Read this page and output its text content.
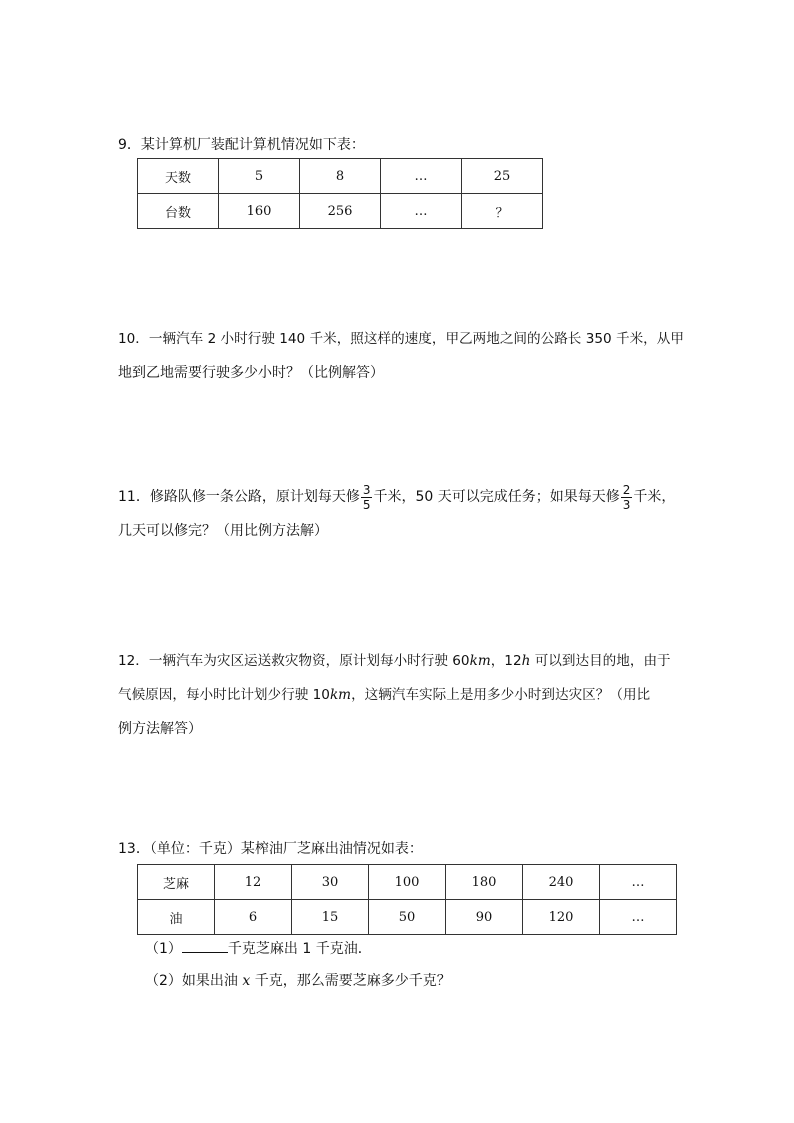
9．某计算机厂装配计算机情况如下表：
天数	5	8	…	25
台数	160	256	…	？
10．一辆汽车 2 小时行驶 140 千米，照这样的速度，甲乙两地之间的公路长 350 千米，从甲
地到乙地需要行驶多少小时？（比例解答）
11．修路队修一条公路，原计划每天修 $\frac{3}{5}$ 千米，50 天可以完成任务；如果每天修 $\frac{2}{3}$ 千米，
几天可以修完？（用比例方法解）
12．一辆汽车为灾区运送救灾物资，原计划每小时行驶 60km，12h 可以到达目的地，由于
气候原因，每小时比计划少行驶 10km，这辆汽车实际上是用多少小时到达灾区？（用比
例方法解答）
13．（单位：千克）某榨油厂芝麻出油情况如表：
芝麻	12	30	100	180	240	…
油	6	15	50	90	120	…
（1）	千克芝麻出 1 千克油．
（2）如果出油 x 千克，那么需要芝麻多少千克？
